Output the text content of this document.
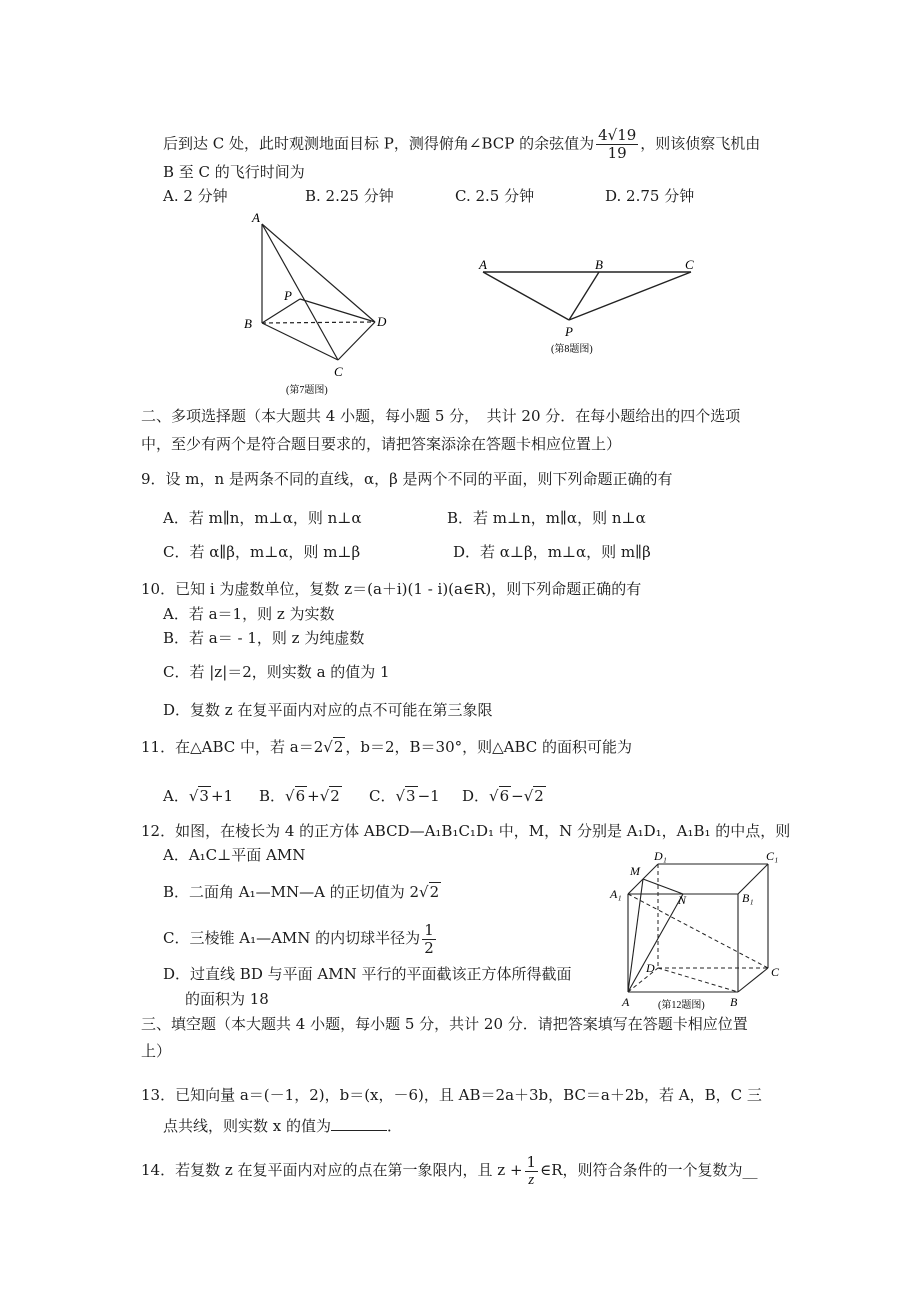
后到达 C 处，此时观测地面目标 P，测得俯角∠BCP 的余弦值为 $\frac{4√19}{19}$ ，则该侦察飞机由
B 至 C 的飞行时间为
A. 2 分钟	B. 2.25 分钟	C. 2.5 分钟	D. 2.75 分钟
A
P
B	D
C
(第7题图)
A	B	C
P
(第8题图)
二、多项选择题（本大题共 4 小题，每小题 5 分，　共计 20 分．在每小题给出的四个选项
中，至少有两个是符合题目要求的，请把答案添涂在答题卡相应位置上）
9．设 m，n 是两条不同的直线，α，β 是两个不同的平面，则下列命题正确的有
A．若 m∥n，m⊥α，则 n⊥α	B．若 m⊥n，m∥α，则 n⊥α
C．若 α∥β，m⊥α，则 m⊥β	D．若 α⊥β，m⊥α，则 m∥β
10．已知 i 为虚数单位，复数 z＝(a＋i)(1 - i)(a∈R)，则下列命题正确的有
A．若 a＝1，则 z 为实数
B．若 a＝ - 1，则 z 为纯虚数
C．若 |z|＝2，则实数 a 的值为 1
D．复数 z 在复平面内对应的点不可能在第三象限
11．在△ABC 中，若 a＝2√2 ，b＝2，B＝30°，则△ABC 的面积可能为
A．√3 +1 B．√6 +√2 C．√3 −1 D．√6 −√2
12．如图，在棱长为 4 的正方体 ABCD—A₁B₁C₁D₁ 中，M，N 分别是 A₁D₁，A₁B₁ 的中点，则
A．A₁C⊥平面 AMN
B．二面角 A₁—MN—A 的正切值为 2√2
C．三棱锥 A₁—AMN 的内切球半径为 $\frac{1}{2}$
D．过直线 BD 与平面 AMN 平行的平面截该正方体所得截面
的面积为 18
M
D₁	C₁
A₁	N	B₁
D	C
A	B
(第12题图)
三、填空题（本大题共 4 小题，每小题 5 分，共计 20 分．请把答案填写在答题卡相应位置
上）
13．已知向量 a＝(－1，2)，b＝(x，－6)，且 AB＝2a＋3b，BC＝a＋2b，若 A，B，C 三
点共线，则实数 x 的值为	．
14．若复数 z 在复平面内对应的点在第一象限内，且 $z + \frac{1}{z}$ ∈R，则符合条件的一个复数为__
